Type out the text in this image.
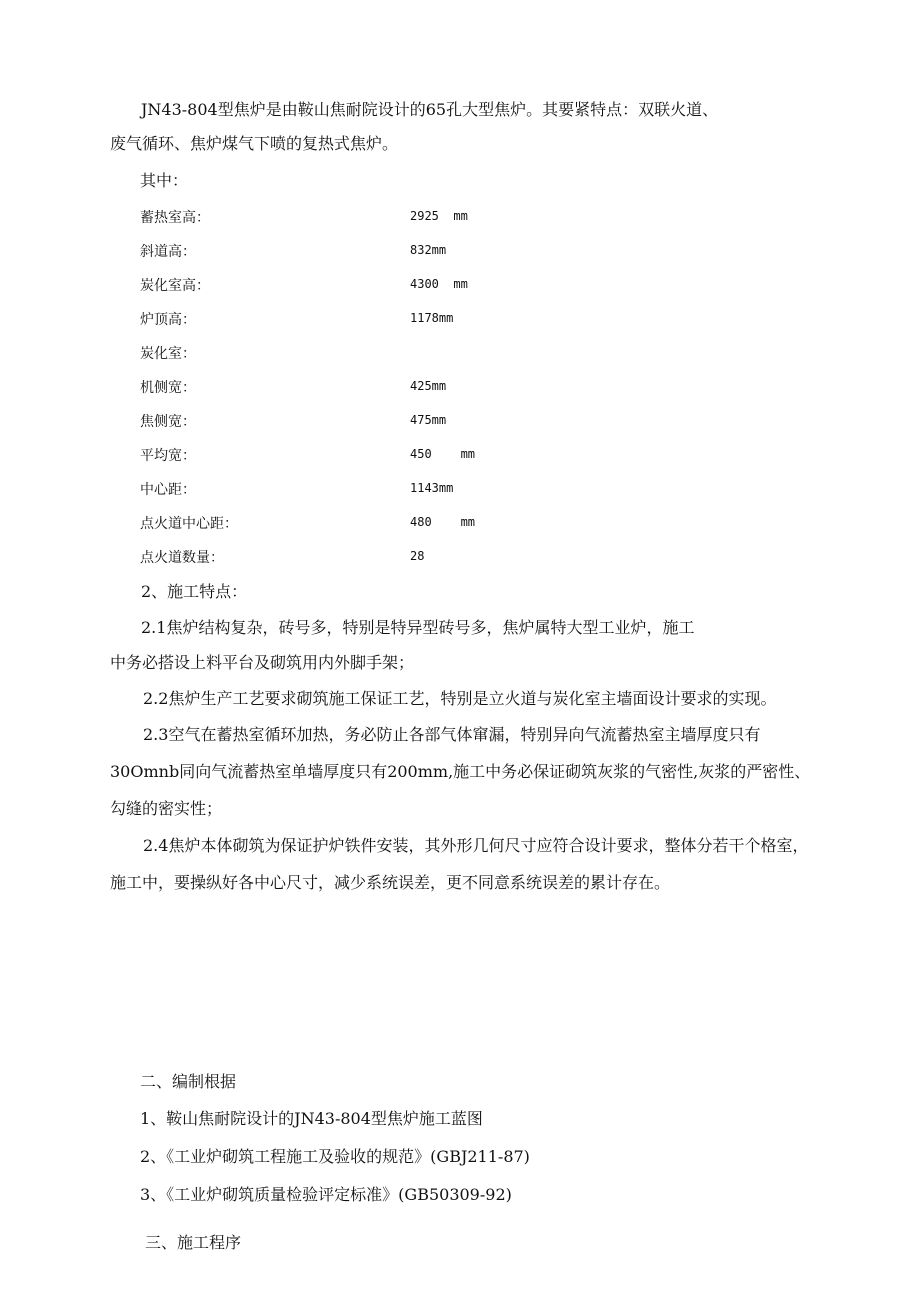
JN43-804型焦炉是由鞍山焦耐院设计的65孔大型焦炉。其要紧特点：双联火道、
废气循环、焦炉煤气下喷的复热式焦炉。
其中：
蓄热室高：	2925  mm
斜道高：	832mm
炭化室高：	4300  mm
炉顶高：	1178mm
炭化室：
机侧宽：	425mm
焦侧宽：	475mm
平均宽：	450    mm
中心距：	1143mm
点火道中心距：	480    mm
点火道数量：	28
2、施工特点：
2.1焦炉结构复杂，砖号多，特别是特异型砖号多，焦炉属特大型工业炉，施工
中务必搭设上料平台及砌筑用内外脚手架；
2.2焦炉生产工艺要求砌筑施工保证工艺，特别是立火道与炭化室主墙面设计要求的实现。
2.3空气在蓄热室循环加热，务必防止各部气体窜漏，特别异向气流蓄热室主墙厚度只有
30Omnb同向气流蓄热室单墙厚度只有200mm,施工中务必保证砌筑灰浆的气密性,灰浆的严密性、
勾缝的密实性；
2.4焦炉本体砌筑为保证护炉铁件安装，其外形几何尺寸应符合设计要求，整体分若干个格室，
施工中，要操纵好各中心尺寸，减少系统误差，更不同意系统误差的累计存在。
二、编制根据
1、鞍山焦耐院设计的JN43-804型焦炉施工蓝图
2、《工业炉砌筑工程施工及验收的规范》(GBJ211-87)
3、《工业炉砌筑质量检验评定标准》(GB50309-92)
三、施工程序
